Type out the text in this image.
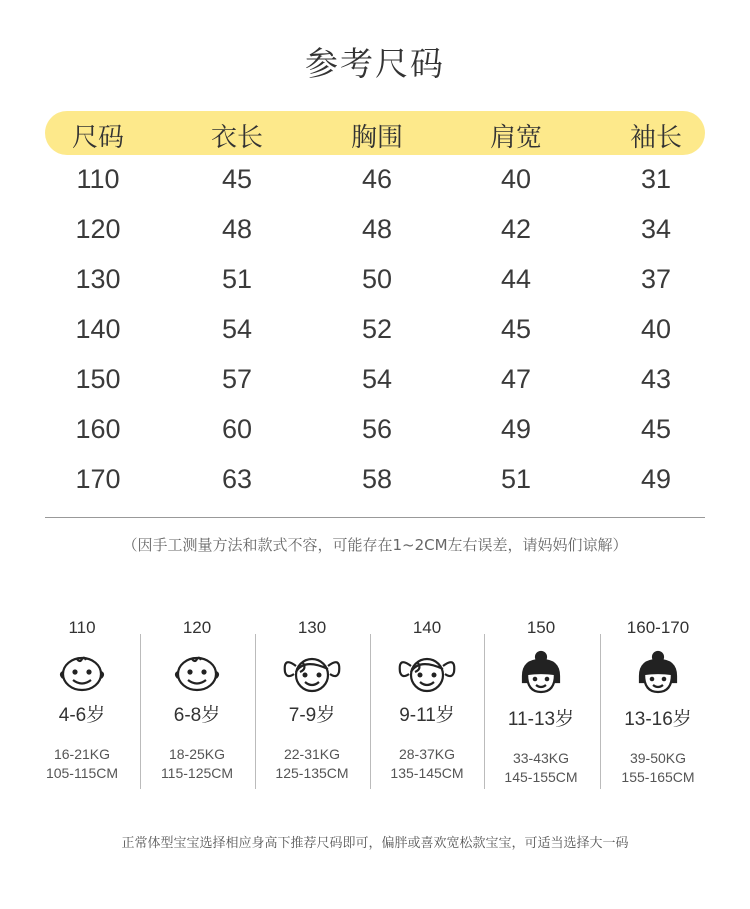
参考尺码
尺码	衣长	胸围	肩宽	袖长
110	45	46	40	31
120	48	48	42	34
130	51	50	44	37
140	54	52	45	40
150	57	54	47	43
160	60	56	49	45
170	63	58	51	49
（因手工测量方法和款式不容，可能存在1~2CM左右误差，请妈妈们谅解）
110
4-6岁
16-21KG
105-115CM
120
6-8岁
18-25KG
115-125CM
130
7-9岁
22-31KG
125-135CM
140
9-11岁
28-37KG
135-145CM
150
11-13岁
33-43KG
145-155CM
160-170
13-16岁
39-50KG
155-165CM
正常体型宝宝选择相应身高下推荐尺码即可，偏胖或喜欢宽松款宝宝，可适当选择大一码
